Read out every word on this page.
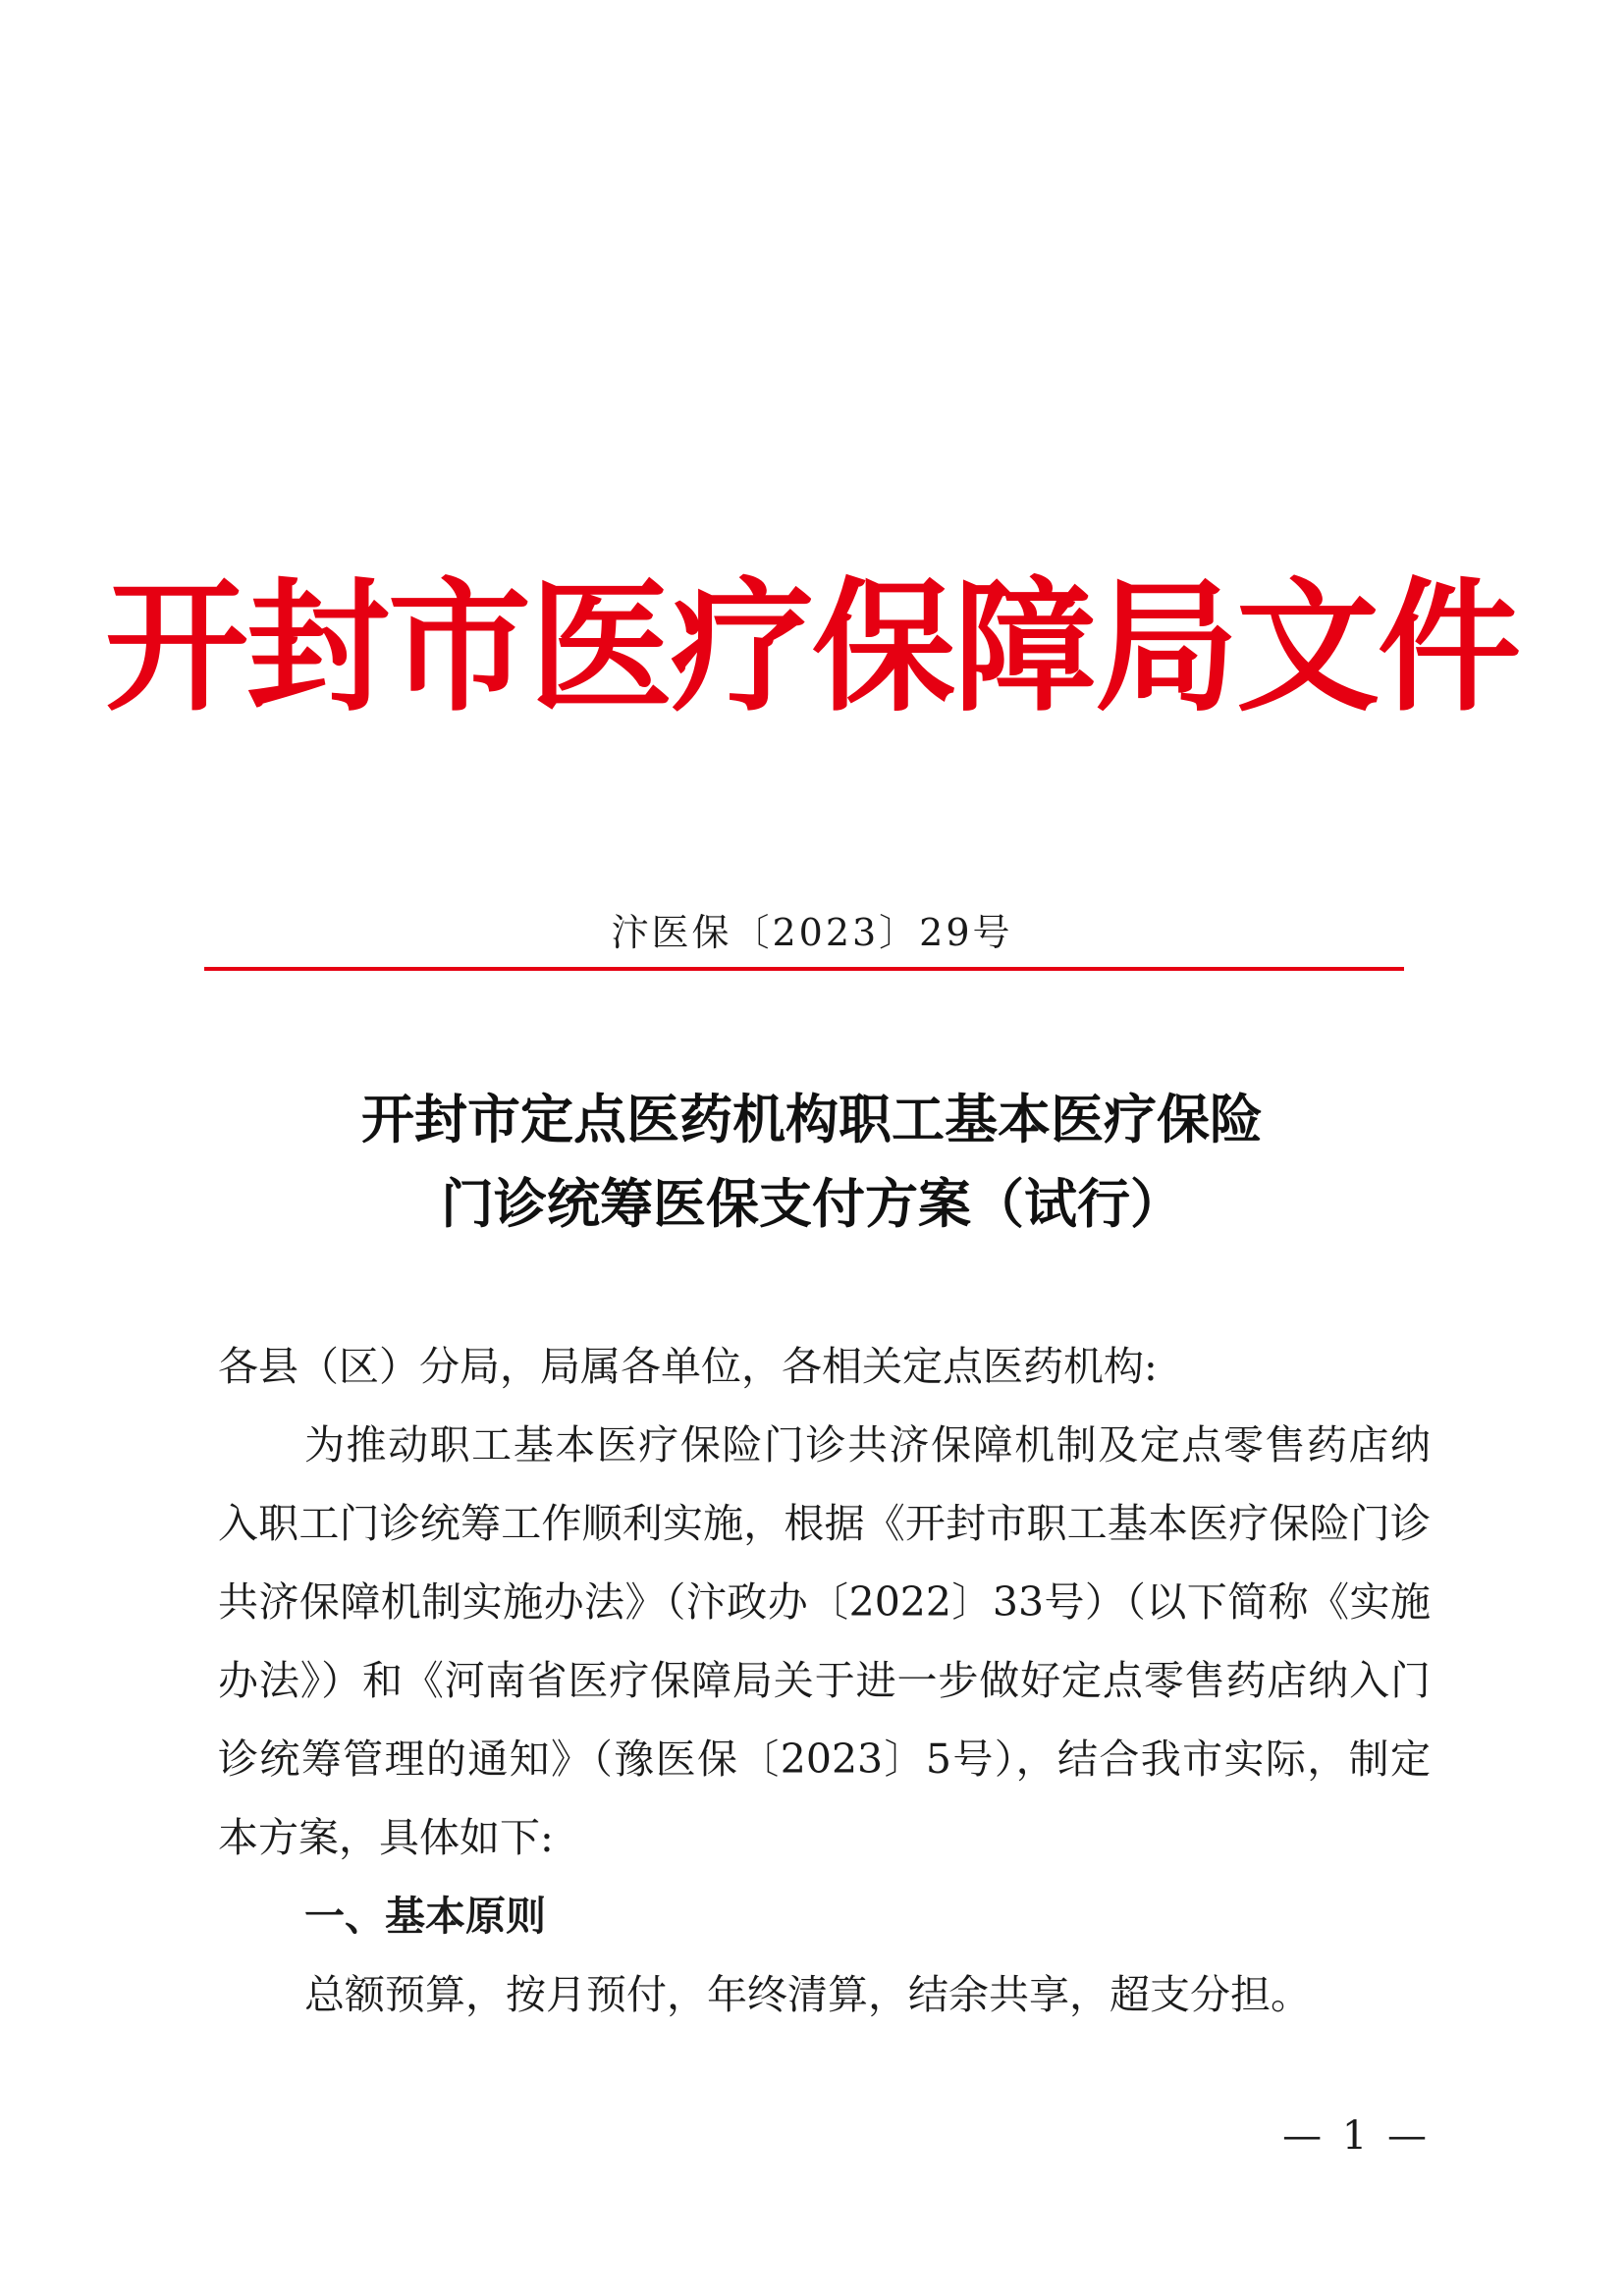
开封市医疗保障局文件
汴医保〔2023〕29号
开封市定点医药机构职工基本医疗保险
门诊统筹医保支付方案（试行）

各县（区）分局，局属各单位，各相关定点医药机构:

为推动职工基本医疗保险门诊共济保障机制及定点零售药店纳入职工门诊统筹工作顺利实施，根据《开封市职工基本医疗保险门诊共济保障机制实施办法》（汴政办〔2022〕33号）（以下简称《实施办法》）和《河南省医疗保障局关于进一步做好定点零售药店纳入门诊统筹管理的通知》（豫医保〔2023〕5号），结合我市实际，制定本方案，具体如下:

一、基本原则

总额预算，按月预付，年终清算，结余共享，超支分担。

— 1 —
